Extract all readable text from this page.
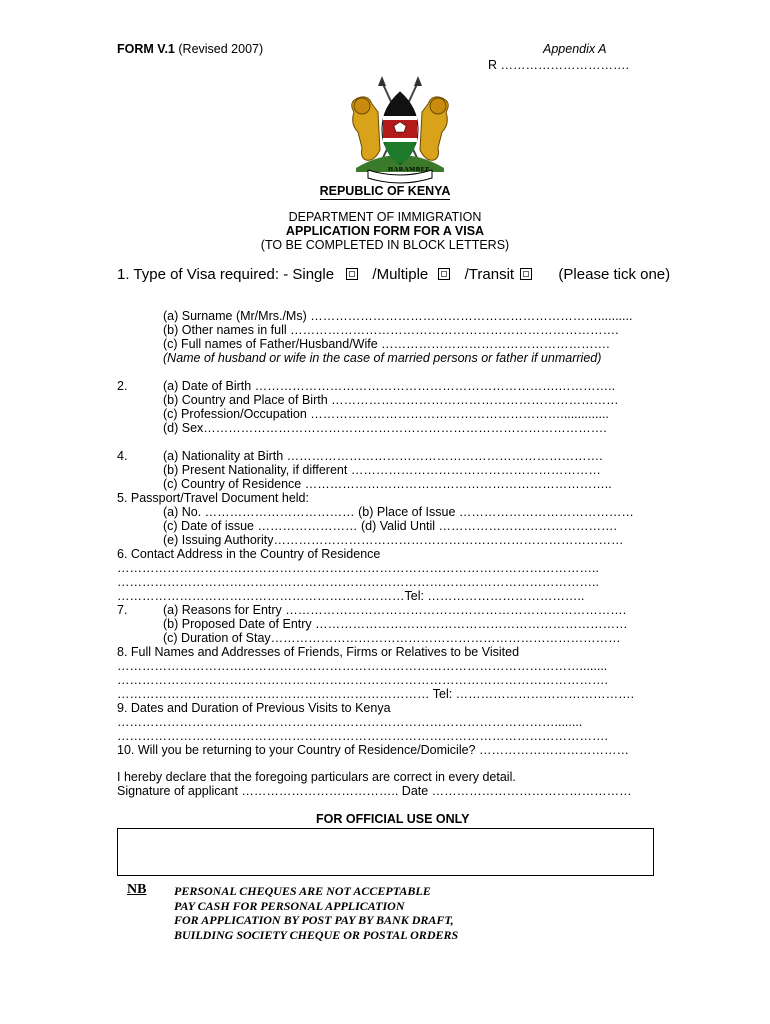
FORM V.1 (Revised 2007)	Appendix A
R ………………………….
HARAMBEE
REPUBLIC OF KENYA
DEPARTMENT OF IMMIGRATION
APPLICATION FORM FOR A VISA
(TO BE COMPLETED IN BLOCK LETTERS)
1. Type of Visa required: - Single	/Multiple /Transit	(Please tick one)
(a) Surname (Mr/Mrs./Ms) ……………………………………………………………..........
(b) Other names in full …………………………………………………………………….
(c) Full names of Father/Husband/Wife ……………………………………………….
(Name of husband or wife in the case of married persons or father if unmarried)
2.	(a) Date of Birth ……………………………………………………………….…………..
(b) Country and Place of Birth ……………………………………………………………
(c) Profession/Occupation ……………………………………………………..............
(d) Sex…………………………………………………………………………………….
4.	(a) Nationality at Birth ………………………………………………………………….
(b) Present Nationality, if different ……………………………………………………
(c) Country of Residence ………………………………………………………………..
5. Passport/Travel Document held:
(a) No. ……………………………… (b) Place of Issue ……………………………………
(c) Date of issue …………………… (d) Valid Until …………………………………….
(e) Issuing Authority…………………………………………………………………………
6. Contact Address in the Country of Residence
……………………………………………………………………………………………………..
……………………………………………………………………………………………………..
……………………………………………………………Tel: ………………………………..
7.	(a) Reasons for Entry ……………………………………………………………………….
(b) Proposed Date of Entry …………………………………………………………………
(c) Duration of Stay…………………………………………………………………………
8. Full Names and Addresses of Friends, Firms or Relatives to be Visited
…………………………………………………………………………………………………........
……………………………………………………………………………………………………….
………………………………………………………………… Tel: …………………………………….
9. Dates and Duration of Previous Visits to Kenya
……………………………………………………………………………………………........
……………………………………………………………………………………………………….
10. Will you be returning to your Country of Residence/Domicile? ………………………………
I hereby declare that the foregoing particulars are correct in every detail.
Signature of applicant ……………………………….. Date …………………………………………
FOR OFFICIAL USE ONLY
NB PERSONAL CHEQUES ARE NOT ACCEPTABLE
PAY CASH FOR PERSONAL APPLICATION
FOR APPLICATION BY POST PAY BY BANK DRAFT,
BUILDING SOCIETY CHEQUE OR POSTAL ORDERS
